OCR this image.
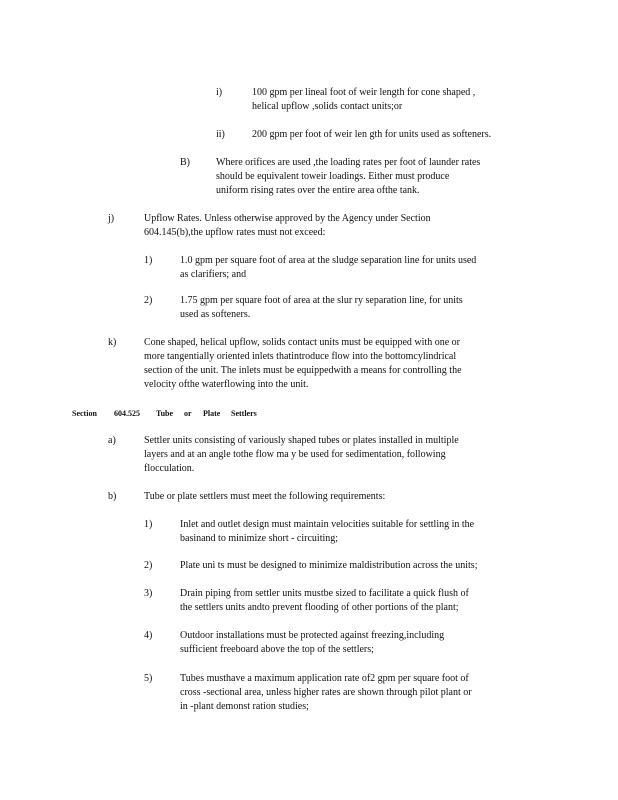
i)	100 gpm per lineal foot of weir length for cone shaped ,
helical upflow ,solids contact units;or
ii)	200 gpm per foot of weir len gth for units used as softeners.
B)	Where orifices are used ,the loading rates per foot of launder rates
should be equivalent toweir loadings. Either must produce
uniform rising rates over the entire area ofthe tank.
j)	Upflow Rates. Unless otherwise approved by the Agency under Section
604.145(b),the upflow rates must not exceed:
1)	1.0 gpm per square foot of area at the sludge separation line for units used
as clarifiers; and
2)	1.75 gpm per square foot of area at the slur ry separation line, for units
used as softeners.
k)	Cone shaped, helical upflow, solids contact units must be equipped with one or
more tangentially oriented inlets thatintroduce flow into the bottomcylindrical
section of the unit. The inlets must be equippedwith a means for controlling the
velocity ofthe waterflowing into the unit.
Section 604.525 Tube or Plate Settlers
a)	Settler units consisting of variously shaped tubes or plates installed in multiple
layers and at an angle tothe flow ma y be used for sedimentation, following
flocculation.
b)	Tube or plate settlers must meet the following requirements:
1)	Inlet and outlet design must maintain velocities suitable for settling in the
basinand to minimize short - circuiting;
2)	Plate uni ts must be designed to minimize maldistribution across the units;
3)	Drain piping from settler units mustbe sized to facilitate a quick flush of
the settlers units andto prevent flooding of other portions of the plant;
4)	Outdoor installations must be protected against freezing,including
sufficient freeboard above the top of the settlers;
5)	Tubes musthave a maximum application rate of2 gpm per square foot of
cross -sectional area, unless higher rates are shown through pilot plant or
in -plant demonst ration studies;
